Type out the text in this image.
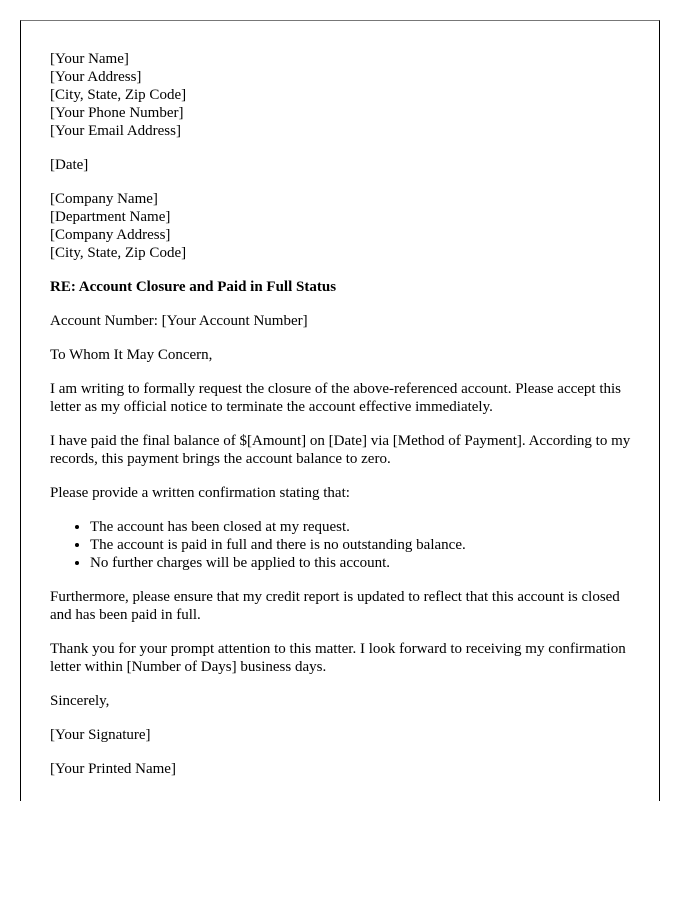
[Your Name]
[Your Address]
[City, State, Zip Code]
[Your Phone Number]
[Your Email Address]

[Date]

[Company Name]
[Department Name]
[Company Address]
[City, State, Zip Code]

RE: Account Closure and Paid in Full Status

Account Number: [Your Account Number]

To Whom It May Concern,

I am writing to formally request the closure of the above-referenced account. Please accept this letter as my official notice to terminate the account effective immediately.

I have paid the final balance of $[Amount] on [Date] via [Method of Payment]. According to my records, this payment brings the account balance to zero.

Please provide a written confirmation stating that:

• The account has been closed at my request.
• The account is paid in full and there is no outstanding balance.
• No further charges will be applied to this account.

Furthermore, please ensure that my credit report is updated to reflect that this account is closed and has been paid in full.

Thank you for your prompt attention to this matter. I look forward to receiving my confirmation letter within [Number of Days] business days.

Sincerely,

[Your Signature]

[Your Printed Name]
